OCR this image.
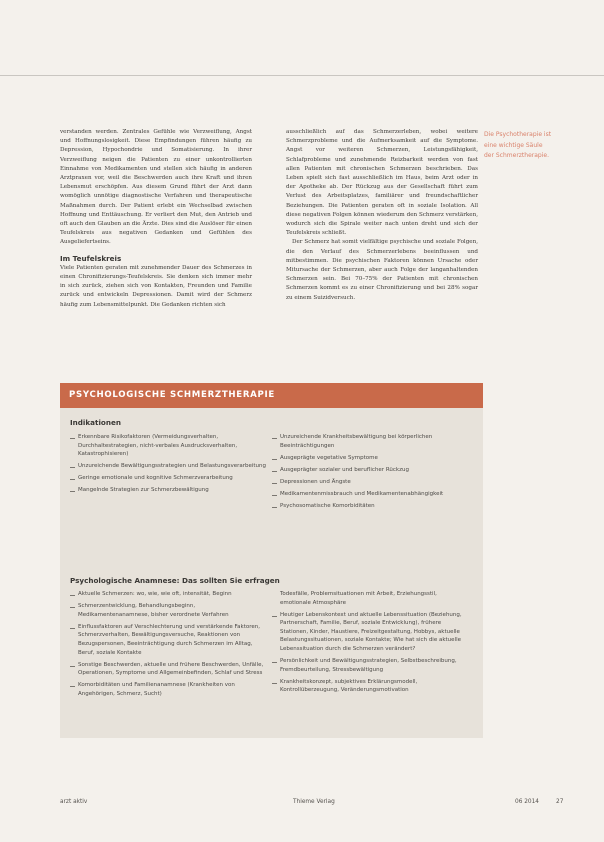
verstanden werden. Zentrales Gefühle wie Verzweiflung, Angst und Hoffnungslosigkeit. Diese Empfindungen führen häufig zu Depression, Hypochondrie und Somatisierung. In ihrer Verzweiflung neigen die Patienten zu einer unkontrollierten Einnahme von Medikamenten und stellen sich häufig in anderen Arztpraxen vor, weil die Beschwerden auch ihre Kraft und ihren Lebensmut erschöpfen. Aus diesem Grund führt der Arzt dann womöglich unnötige diagnostische Verfahren und therapeutische Maßnahmen durch. Der Patient erlebt ein Wechselbad zwischen Hoffnung und Enttäuschung. Er verliert den Mut, den Antrieb und oft auch den Glauben an die Ärzte. Dies sind die Auslöser für einen Teufelskreis aus negativen Gedanken und Gefühlen des Ausgeliefertseins.

Im Teufelskreis

Viele Patienten geraten mit zunehmender Dauer des Schmerzes in einen Chronifizierungs-Teufelskreis. Sie denken sich immer mehr in sich zurück, ziehen sich von Kontakten, Freunden und Familie zurück und entwickeln Depressionen. Damit wird der Schmerz häufig zum Lebensmittelpunkt. Die Gedanken richten sich

ausschließlich auf das Schmerzerleben, wobei weitere Schmerzprobleme und die Aufmerksamkeit auf die Symptome. Angst vor weiteren Schmerzen, Leistungsfähigkeit, Schlafprobleme und zunehmende Reizbarkeit werden von fast allen Patienten mit chronischen Schmerzen beschrieben. Das Leben spielt sich fast ausschließlich im Haus, beim Arzt oder in der Apotheke ab. Der Rückzug aus der Gesellschaft führt zum Verlust des Arbeitsplatzes, familiärer und freundschaftlicher Beziehungen. Die Patienten geraten oft in soziale Isolation. All diese negativen Folgen können wiederum den Schmerz verstärken, wodurch sich die Spirale weiter nach unten dreht und sich der Teufelskreis schließt.

Der Schmerz hat somit vielfältige psychische und soziale Folgen, die den Verlauf des Schmerzerlebens beeinflussen und mitbestimmen. Die psychischen Faktoren können Ursache oder Mitursache der Schmerzen, aber auch Folge der langanhaltenden Schmerzen sein. Bei 70–75% der Patienten mit chronischen Schmerzen kommt es zu einer Chronifizierung und bei 28% sogar zu einem Suizidversuch.

Die Psychotherapie ist eine wichtige Säule der Schmerztherapie.
PSYCHOLOGISCHE SCHMERZTHERAPIE
Indikationen
Erkennbare Risikofaktoren (Vermeidungsverhalten, Durchhaltestrategien, nicht-verbales Ausdrucksverhalten, Katastrophisieren)
Unzureichende Bewältigungsstrategien und Belastungsverarbeitung
Geringe emotionale und kognitive Schmerzverarbeitung
Mangelnde Strategien zur Schmerzbewältigung
Unzureichende Krankheitsbewältigung bei körperlichen Beeinträchtigungen
Ausgeprägte vegetative Symptome
Ausgeprägter sozialer und beruflicher Rückzug
Depressionen und Ängste
Medikamentenmissbrauch und Medikamentenabhängigkeit
Psychosomatische Komorbiditäten
Psychologische Anamnese: Das sollten Sie erfragen
Aktuelle Schmerzen: wo, wie, wie oft, intensität, Beginn
Schmerzentwicklung, Behandlungsbeginn, Medikamentenanamnese, bisher verordnete Verfahren
Einflussfaktoren auf Verschlechterung und verstärkende Faktoren, Schmerzverhalten, Bewältigungsversuche, Reaktionen von Bezugspersonen, Beeinträchtigung durch Schmerzen im Alltag, Beruf, soziale Kontakte
Sonstige Beschwerden, aktuelle und frühere Beschwerden, Unfälle, Operationen, Symptome und Allgemeinbefinden, Schlaf und Stress
Komorbiditäten und Familienanamnese (Krankheiten von Angehörigen, Schmerz, Sucht)
Todesfälle, Problemsituationen mit Arbeit, Erziehungsstil, emotionale Atmosphäre
Heutiger Lebenskontext und aktuelle Lebenssituation (Beziehung, Partnerschaft, Familie, Beruf, soziale Entwicklung), frühere Stationen, Kinder, Haustiere, Freizeitgestaltung, Hobbys, aktuelle Belastungssituationen, soziale Kontakte; Wie hat sich die aktuelle Lebenssituation durch die Schmerzen verändert?
Persönlichkeit und Bewältigungsstrategien, Selbstbeschreibung, Fremdbeurteilung, Stressbewältigung
Krankheitskonzept, subjektives Erklärungsmodell, Kontrollüberzeugung, Veränderungsmotivation
arzt aktiv	Thieme Verlag	06 2014	27
